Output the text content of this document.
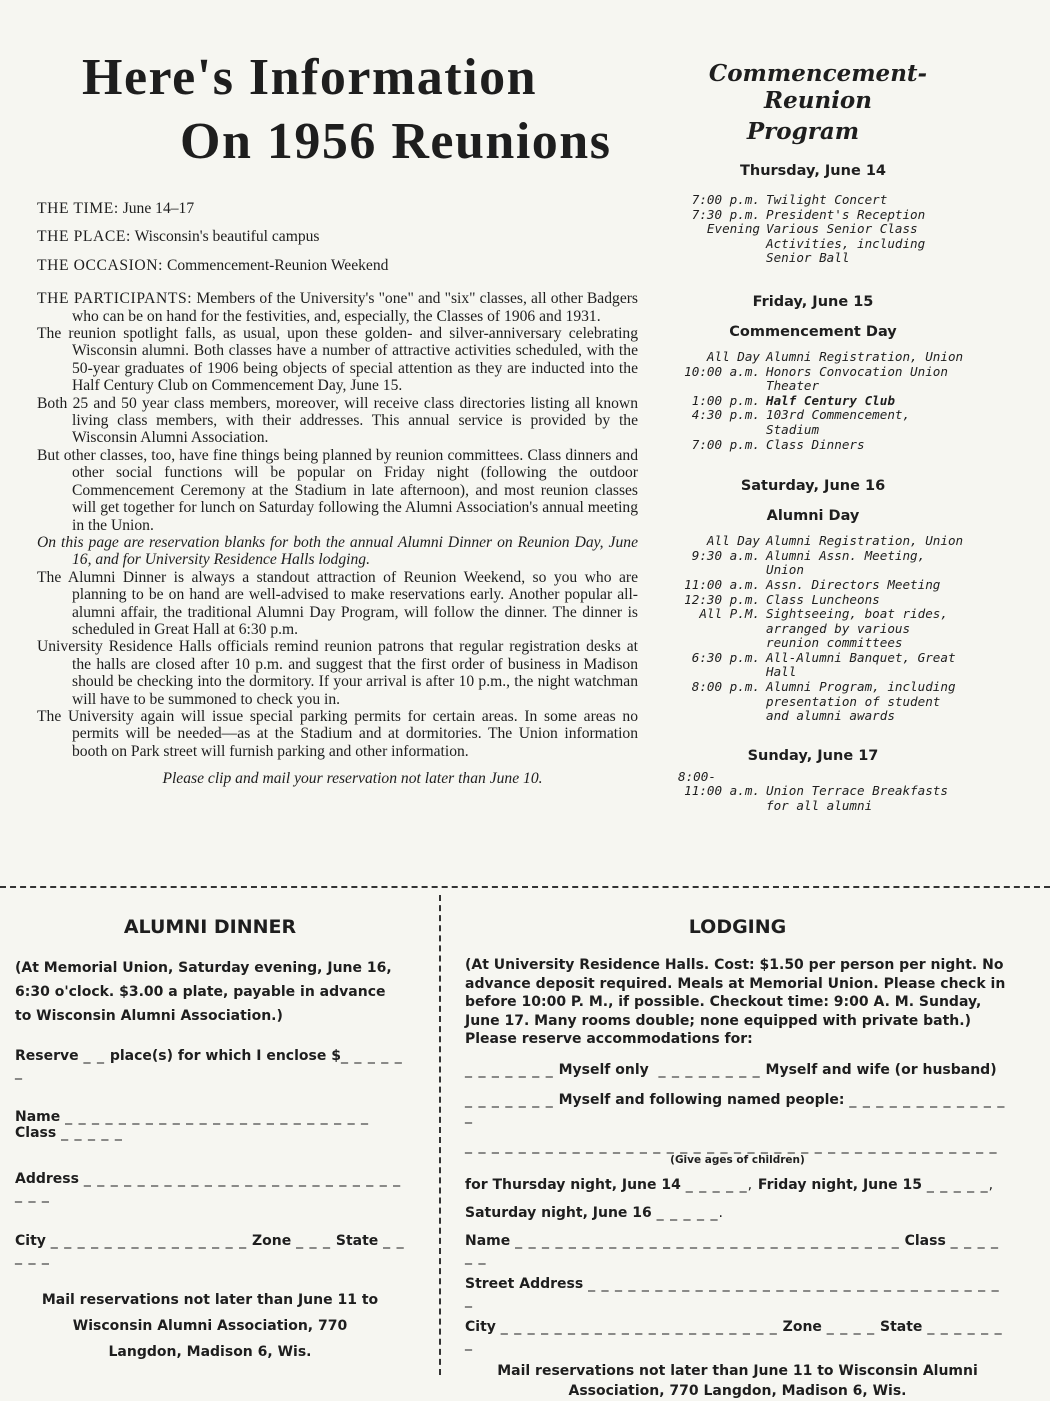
Here's Information
On 1956 Reunions
THE TIME: June 14–17
THE PLACE: Wisconsin's beautiful campus
THE OCCASION: Commencement-Reunion Weekend
THE PARTICIPANTS: Members of the University's "one" and "six" classes, all other Badgers who can be on hand for the festivities, and, especially, the Classes of 1906 and 1931.
The reunion spotlight falls, as usual, upon these golden- and silver-anniversary celebrating Wisconsin alumni. Both classes have a number of attractive activities scheduled, with the 50-year graduates of 1906 being objects of special attention as they are inducted into the Half Century Club on Commencement Day, June 15.
Both 25 and 50 year class members, moreover, will receive class directories listing all known living class members, with their addresses. This annual service is provided by the Wisconsin Alumni Association.
But other classes, too, have fine things being planned by reunion committees. Class dinners and other social functions will be popular on Friday night (following the outdoor Commencement Ceremony at the Stadium in late afternoon), and most reunion classes will get together for lunch on Saturday following the Alumni Association's annual meeting in the Union.
On this page are reservation blanks for both the annual Alumni Dinner on Reunion Day, June 16, and for University Residence Halls lodging.
The Alumni Dinner is always a standout attraction of Reunion Weekend, so you who are planning to be on hand are well-advised to make reservations early. Another popular all-alumni affair, the traditional Alumni Day Program, will follow the dinner. The dinner is scheduled in Great Hall at 6:30 p.m.
University Residence Halls officials remind reunion patrons that regular registration desks at the halls are closed after 10 p.m. and suggest that the first order of business in Madison should be checking into the dormitory. If your arrival is after 10 p.m., the night watchman will have to be summoned to check you in.
The University again will issue special parking permits for certain areas. In some areas no permits will be needed—as at the Stadium and at dormitories. The Union information booth on Park street will furnish parking and other information.
Please clip and mail your reservation not later than June 10.
Commencement-Reunion
Program
Thursday, June 14
7:00 p.m. Twilight Concert
7:30 p.m. President's Reception
Evening Various Senior Class Activities, including Senior Ball
Friday, June 15
Commencement Day
All Day Alumni Registration, Union
10:00 a.m. Honors Convocation Union Theater
1:00 p.m. Half Century Club
4:30 p.m. 103rd Commencement, Stadium
7:00 p.m. Class Dinners
Saturday, June 16
Alumni Day
All Day Alumni Registration, Union
9:30 a.m. Alumni Assn. Meeting, Union
11:00 a.m. Assn. Directors Meeting
12:30 p.m. Class Luncheons
All P.M. Sightseeing, boat rides, arranged by various reunion committees
6:30 p.m. All-Alumni Banquet, Great Hall
8:00 p.m. Alumni Program, including presentation of student and alumni awards
Sunday, June 17
8:00-
11:00 a.m. Union Terrace Breakfasts for all alumni
ALUMNI DINNER

(At Memorial Union, Saturday evening, June 16, 6:30 o'clock. $3.00 a plate, payable in advance to Wisconsin Alumni Association.)

Reserve _ _ place(s) for which I enclose $_ _ _ _ _ _

Name _ _ _ _ _ _ _ _ _ _ _ _ _ _ _ _ _ _ _ _ _ _ _ Class _ _ _ _ _

Address _ _ _ _ _ _ _ _ _ _ _ _ _ _ _ _ _ _ _ _ _ _ _ _ _ _ _

City _ _ _ _ _ _ _ _ _ _ _ _ _ _ _ Zone _ _ _ State _ _ _ _ _

Mail reservations not later than June 11 to
Wisconsin Alumni Association, 770
Langdon, Madison 6, Wis.

LODGING

(At University Residence Halls. Cost: $1.50 per person per night. No advance deposit required. Meals at Memorial Union. Please check in before 10:00 P. M., if possible. Checkout time: 9:00 A. M. Sunday, June 17. Many rooms double; none equipped with private bath.)

Please reserve accommodations for:

_ _ _ _ _ _ _ Myself only _ _ _ _ _ _ _ _ Myself and wife (or husband)

_ _ _ _ _ _ _ Myself and following named people: _ _ _ _ _ _ _ _ _ _ _ _ _

_ _ _ _ _ _ _ _ _ _ _ _ _ _ _ _ _ _ _ _ _ _ _ _ _ _ _ _ _ _ _ _ _ _ _ _ _ _ _ _

(Give ages of children)

for Thursday night, June 14 _ _ _ _ _, Friday night, June 15 _ _ _ _ _,

Saturday night, June 16 _ _ _ _ _.

Name _ _ _ _ _ _ _ _ _ _ _ _ _ _ _ _ _ _ _ _ _ _ _ _ _ _ _ _ _ Class _ _ _ _ _ _

Street Address _ _ _ _ _ _ _ _ _ _ _ _ _ _ _ _ _ _ _ _ _ _ _ _ _ _ _ _ _ _ _ _

City _ _ _ _ _ _ _ _ _ _ _ _ _ _ _ _ _ _ _ _ _ Zone _ _ _ _ State _ _ _ _ _ _ _

Mail reservations not later than June 11 to Wisconsin Alumni Association, 770 Langdon, Madison 6, Wis.
